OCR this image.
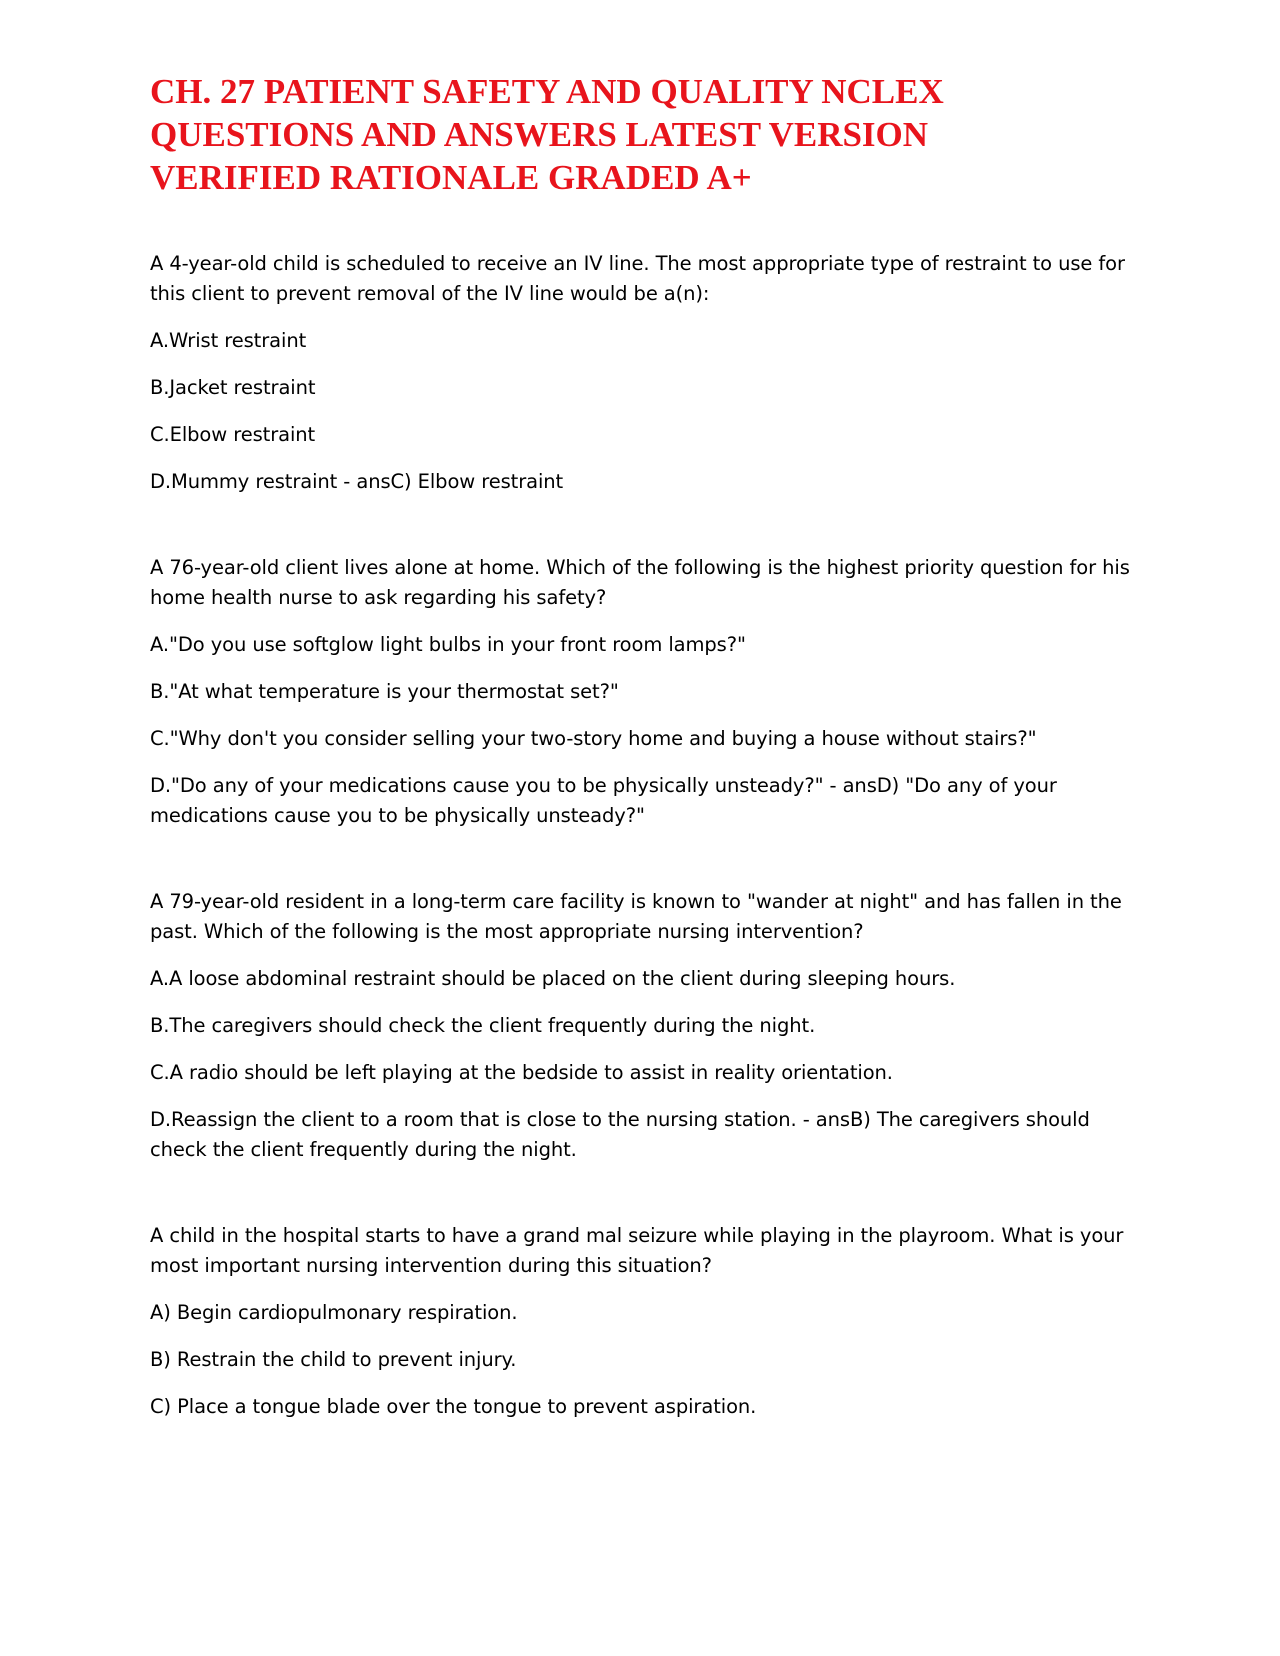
CH. 27 PATIENT SAFETY AND QUALITY NCLEX
QUESTIONS AND ANSWERS LATEST VERSION
VERIFIED RATIONALE GRADED A+

A 4-year-old child is scheduled to receive an IV line. The most appropriate type of restraint to use for this client to prevent removal of the IV line would be a(n):

A.Wrist restraint

B.Jacket restraint

C.Elbow restraint

D.Mummy restraint - ansC) Elbow restraint

A 76-year-old client lives alone at home. Which of the following is the highest priority question for his home health nurse to ask regarding his safety?

A."Do you use softglow light bulbs in your front room lamps?"

B."At what temperature is your thermostat set?"

C."Why don't you consider selling your two-story home and buying a house without stairs?"

D."Do any of your medications cause you to be physically unsteady?" - ansD) "Do any of your medications cause you to be physically unsteady?"

A 79-year-old resident in a long-term care facility is known to "wander at night" and has fallen in the past. Which of the following is the most appropriate nursing intervention?

A.A loose abdominal restraint should be placed on the client during sleeping hours.

B.The caregivers should check the client frequently during the night.

C.A radio should be left playing at the bedside to assist in reality orientation.

D.Reassign the client to a room that is close to the nursing station. - ansB) The caregivers should check the client frequently during the night.

A child in the hospital starts to have a grand mal seizure while playing in the playroom. What is your most important nursing intervention during this situation?

A) Begin cardiopulmonary respiration.

B) Restrain the child to prevent injury.

C) Place a tongue blade over the tongue to prevent aspiration.
